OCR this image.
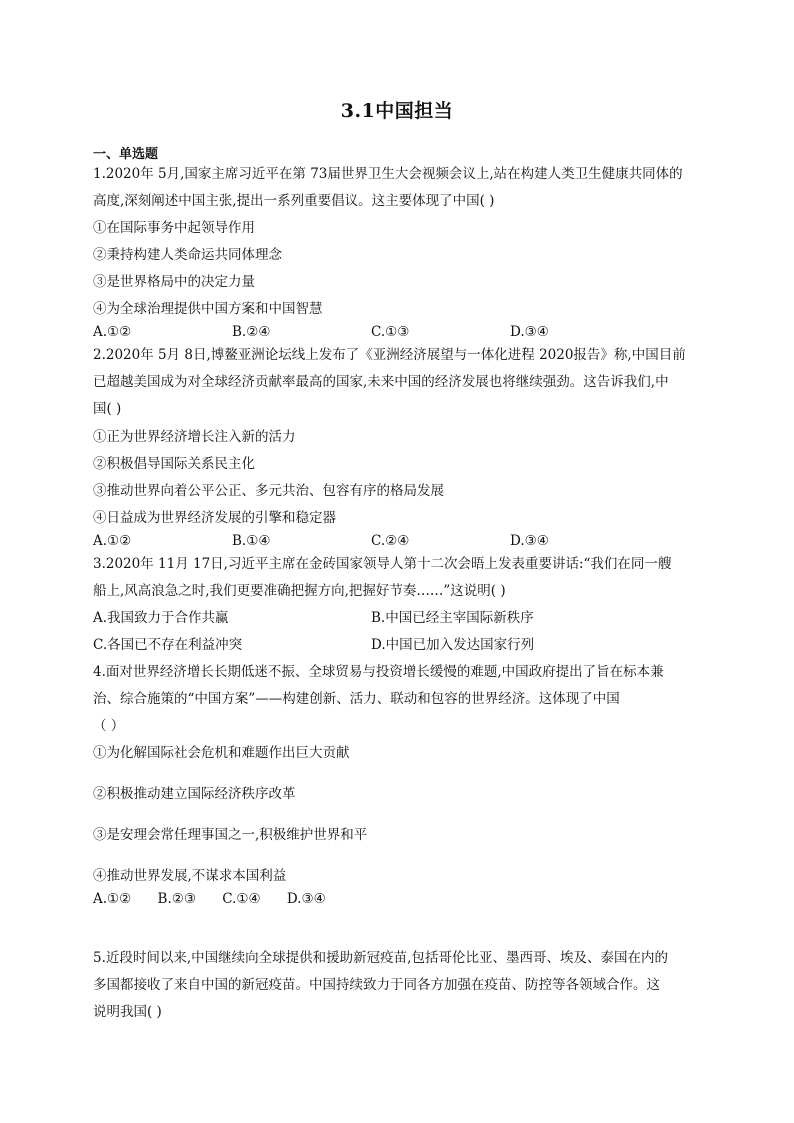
3.1中国担当
一、单选题
1.2020年 5月,国家主席习近平在第 73届世界卫生大会视频会议上,站在构建人类卫生健康共同体的
高度,深刻阐述中国主张,提出一系列重要倡议。这主要体现了中国( )
①在国际事务中起领导作用
②秉持构建人类命运共同体理念
③是世界格局中的决定力量
④为全球治理提供中国方案和中国智慧
A.①②	B.②④	C.①③	D.③④
2.2020年 5月 8日,博鳌亚洲论坛线上发布了《亚洲经济展望与一体化进程 2020报告》称,中国目前
已超越美国成为对全球经济贡献率最高的国家,未来中国的经济发展也将继续强劲。这告诉我们,中
国( )
①正为世界经济增长注入新的活力
②积极倡导国际关系民主化
③推动世界向着公平公正、多元共治、包容有序的格局发展
④日益成为世界经济发展的引擎和稳定器
A.①②	B.①④	C.②④	D.③④
3.2020年 11月 17日,习近平主席在金砖国家领导人第十二次会晤上发表重要讲话:“我们在同一艘
船上,风高浪急之时,我们更要准确把握方向,把握好节奏……”这说明( )
A.我国致力于合作共赢	B.中国已经主宰国际新秩序
C.各国已不存在利益冲突	D.中国已加入发达国家行列
4.面对世界经济增长长期低迷不振、全球贸易与投资增长缓慢的难题,中国政府提出了旨在标本兼
治、综合施策的“中国方案”——构建创新、活力、联动和包容的世界经济。这体现了中国
（ ）
①为化解国际社会危机和难题作出巨大贡献
②积极推动建立国际经济秩序改革
③是安理会常任理事国之一,积极维护世界和平
④推动世界发展,不谋求本国利益
A.①② B.②③ C.①④ D.③④
5.近段时间以来,中国继续向全球提供和援助新冠疫苗,包括哥伦比亚、墨西哥、埃及、泰国在内的
多国都接收了来自中国的新冠疫苗。中国持续致力于同各方加强在疫苗、防控等各领域合作。这
说明我国( )
